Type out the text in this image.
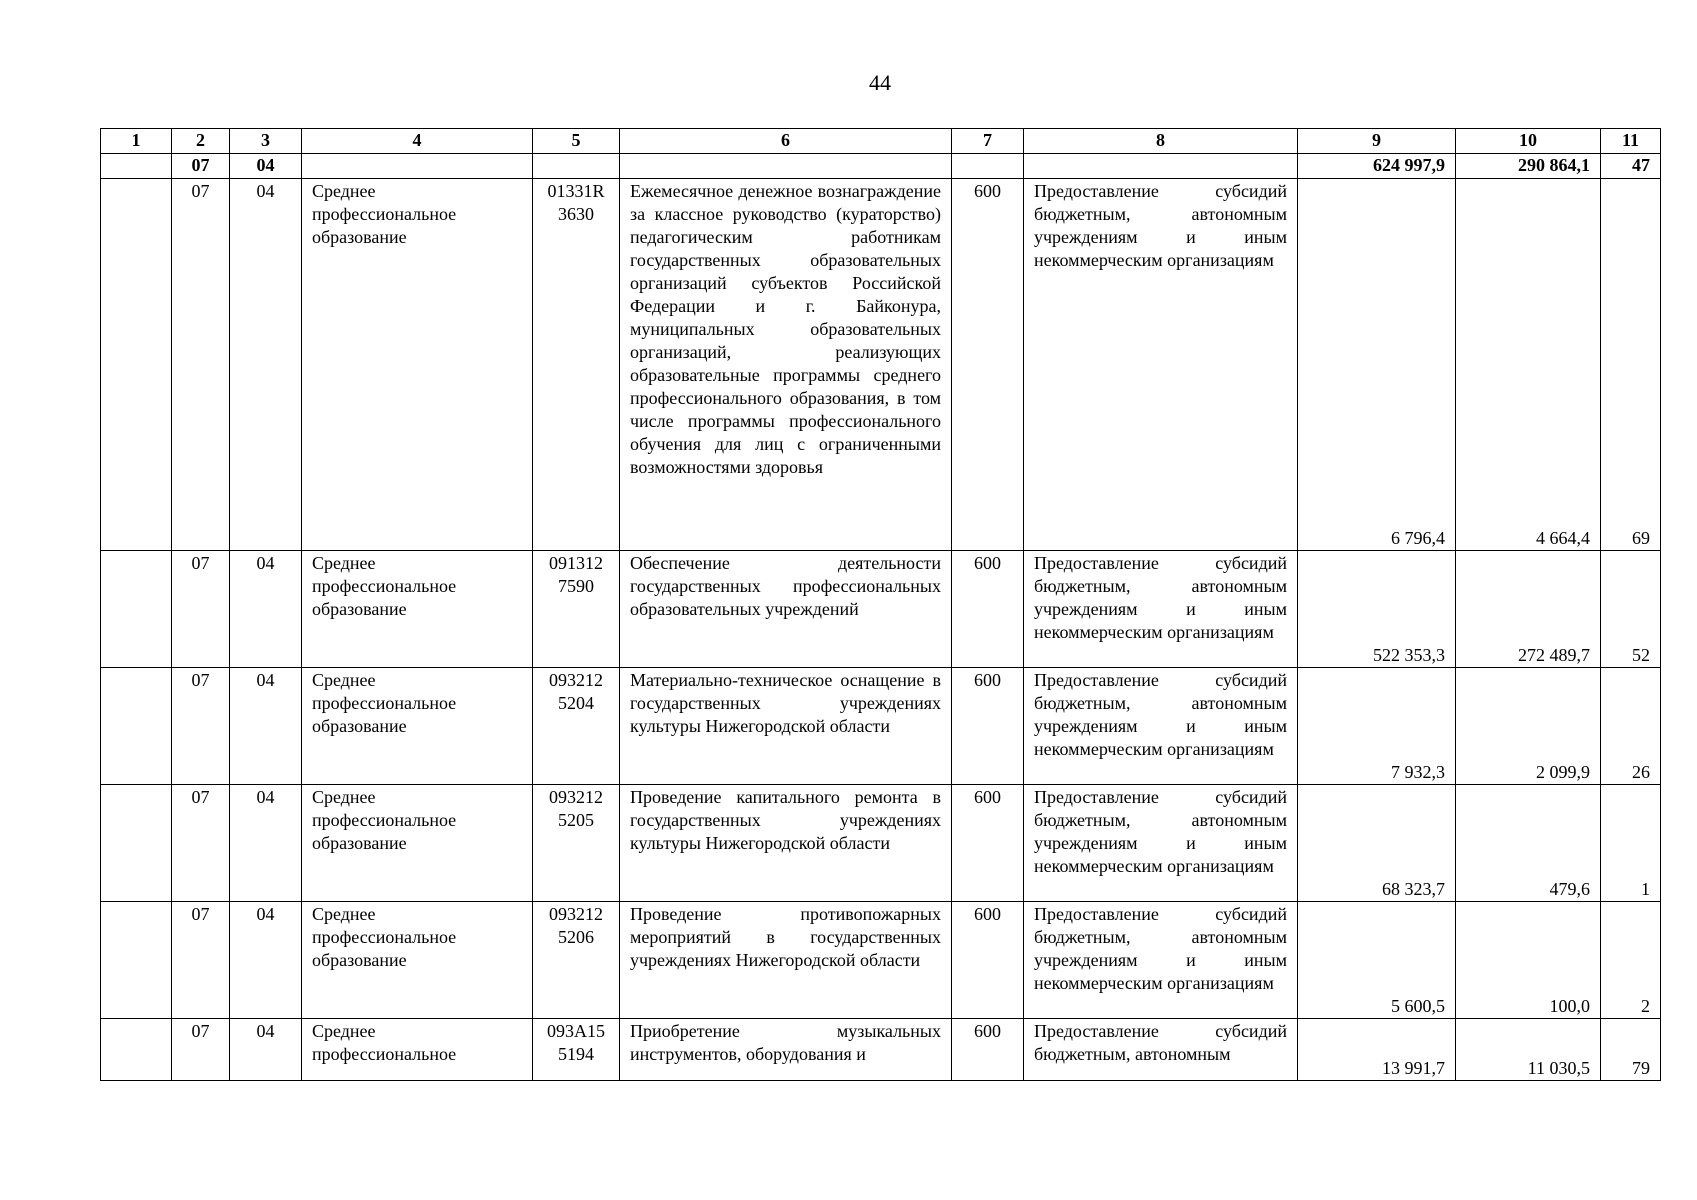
44
1	2	3	4	5	6	7	8	9	10	11
	07	04						624 997,9	290 864,1	47
	07	04	Среднее профессиональное образование	01331R 3630	Ежемесячное денежное вознаграждение за классное руководство (кураторство) педагогическим работникам государственных образовательных организаций субъектов Российской Федерации и г. Байконура, муниципальных образовательных организаций, реализующих образовательные программы среднего профессионального образования, в том числе программы профессионального обучения для лиц с ограниченными возможностями здоровья	600	Предоставление субсидий бюджетным, автономным учреждениям и иным некоммерческим организациям	6 796,4	4 664,4	69
	07	04	Среднее профессиональное образование	091312 7590	Обеспечение деятельности государственных профессиональных образовательных учреждений	600	Предоставление субсидий бюджетным, автономным учреждениям и иным некоммерческим организациям	522 353,3	272 489,7	52
	07	04	Среднее профессиональное образование	093212 5204	Материально-техническое оснащение в государственных учреждениях культуры Нижегородской области	600	Предоставление субсидий бюджетным, автономным учреждениям и иным некоммерческим организациям	7 932,3	2 099,9	26
	07	04	Среднее профессиональное образование	093212 5205	Проведение капитального ремонта в государственных учреждениях культуры Нижегородской области	600	Предоставление субсидий бюджетным, автономным учреждениям и иным некоммерческим организациям	68 323,7	479,6	1
	07	04	Среднее профессиональное образование	093212 5206	Проведение противопожарных мероприятий в государственных учреждениях Нижегородской области	600	Предоставление субсидий бюджетным, автономным учреждениям и иным некоммерческим организациям	5 600,5	100,0	2
	07	04	Среднее профессиональное	093A15 5194	Приобретение музыкальных инструментов, оборудования и	600	Предоставление субсидий бюджетным, автономным	13 991,7	11 030,5	79
